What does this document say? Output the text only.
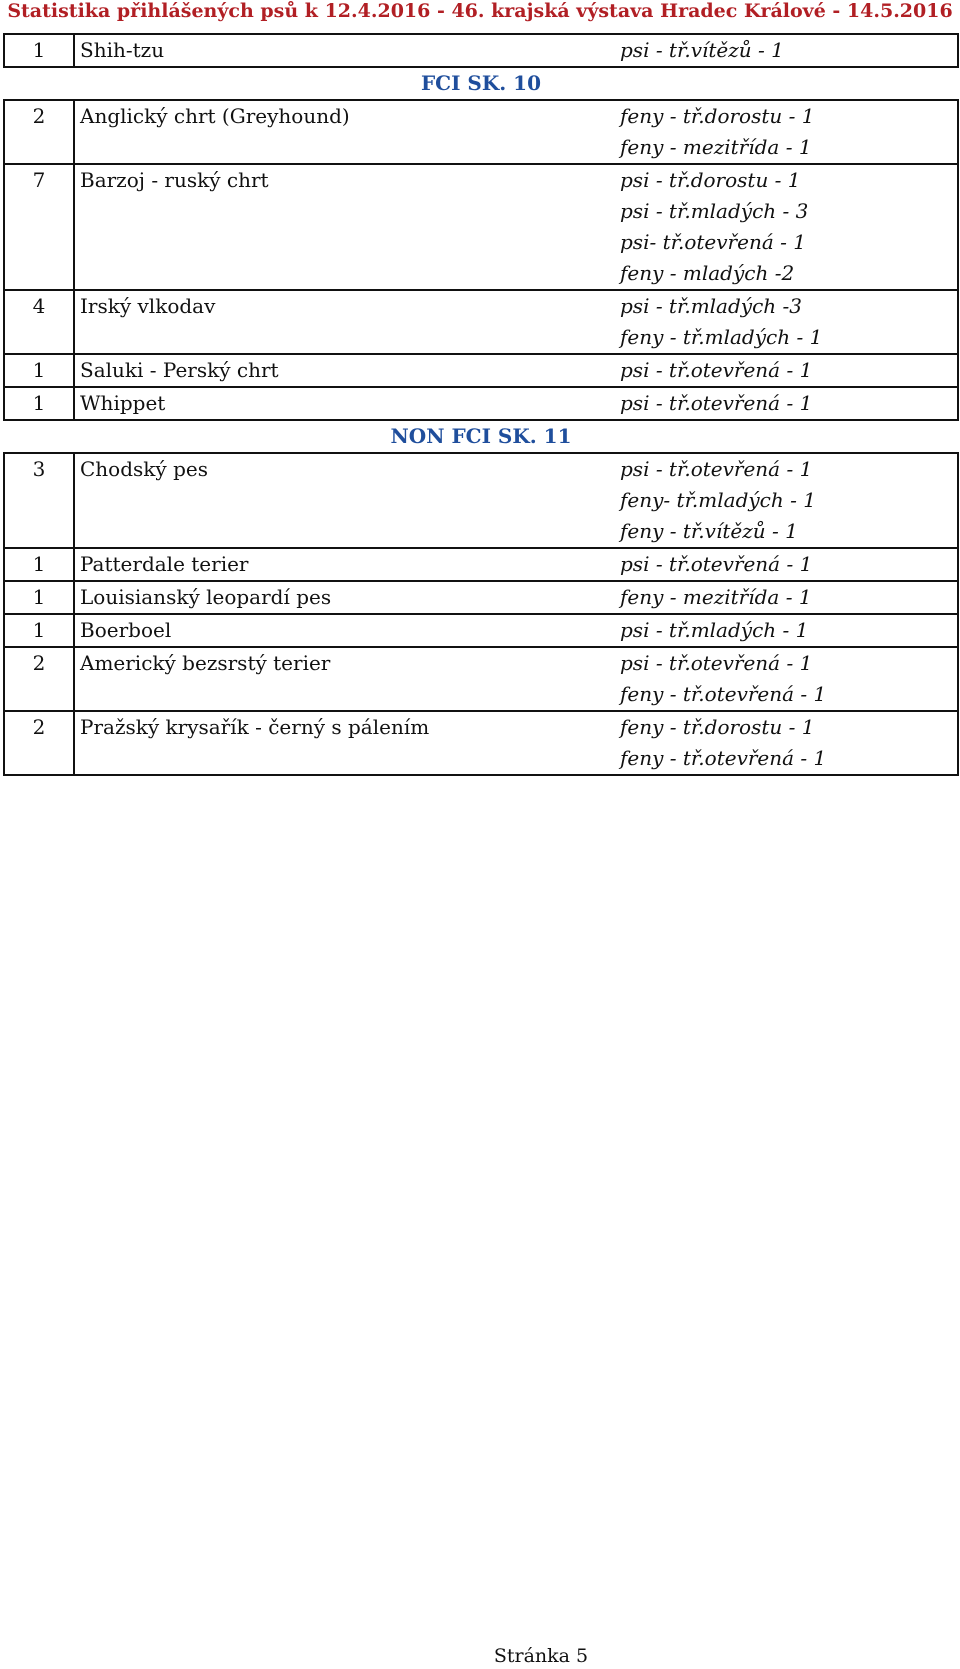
Statistika přihlášených psů k 12.4.2016 - 46. krajská výstava Hradec Králové - 14.5.2016
1	Shih-tzu	psi - tř.vítězů - 1

FCI SK. 10		
2	Anglický chrt (Greyhound)	feny - tř.dorostu - 1
feny - mezitřída - 1

7	Barzoj - ruský chrt	psi - tř.dorostu - 1
psi - tř.mladých - 3
psi- tř.otevřená - 1
feny - mladých -2

4	Irský vlkodav	psi - tř.mladých -3
feny - tř.mladých - 1

1	Saluki - Perský chrt	psi - tř.otevřená - 1

1	Whippet	psi - tř.otevřená - 1

NON FCI SK. 11		
3	Chodský pes	psi - tř.otevřená - 1
feny- tř.mladých - 1
feny - tř.vítězů - 1

1	Patterdale terier	psi - tř.otevřená - 1

1	Louisianský leopardí pes	feny - mezitřída - 1

1	Boerboel	psi - tř.mladých - 1

2	Americký bezsrstý terier	psi - tř.otevřená - 1
feny - tř.otevřená - 1

2	Pražský krysařík - černý s pálením	feny - tř.dorostu - 1
feny - tř.otevřená - 1
Stránka 5
